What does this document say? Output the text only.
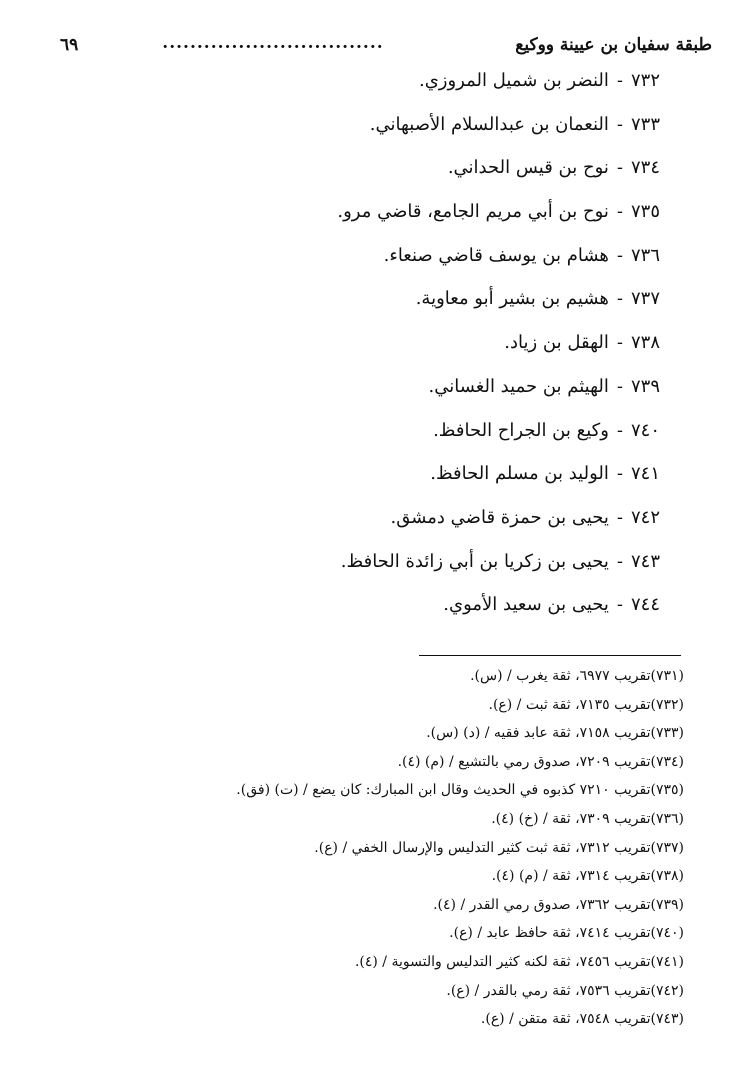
طبقة سفيان بن عيينة ووكيع
................................
٦٩
٧٣٢-النضر بن شميل المروزي.
٧٣٣-النعمان بن عبدالسلام الأصبهاني.
٧٣٤-نوح بن قيس الحداني.
٧٣٥-نوح بن أبي مريم الجامع، قاضي مرو.
٧٣٦-هشام بن يوسف قاضي صنعاء.
٧٣٧-هشيم بن بشير أبو معاوية.
٧٣٨-الهقل بن زياد.
٧٣٩-الهيثم بن حميد الغساني.
٧٤٠-وكيع بن الجراح الحافظ.
٧٤١-الوليد بن مسلم الحافظ.
٧٤٢-يحيى بن حمزة قاضي دمشق.
٧٤٣-يحيى بن زكريا بن أبي زائدة الحافظ.
٧٤٤-يحيى بن سعيد الأموي.
(٧٣١)تقريب ٦٩٧٧، ثقة يغرب / (س).
(٧٣٢)تقريب ٧١٣٥، ثقة ثبت / (ع).
(٧٣٣)تقريب ٧١٥٨، ثقة عابد فقيه / (د) (س).
(٧٣٤)تقريب ٧٢٠٩، صدوق رمي بالتشيع / (م) (٤).
(٧٣٥)تقريب ٧٢١٠ كذبوه في الحديث وقال ابن المبارك: كان يضع / (ت) (فق).
(٧٣٦)تقريب ٧٣٠٩، ثقة / (خ) (٤).
(٧٣٧)تقريب ٧٣١٢، ثقة ثبت كثير التدليس والإرسال الخفي / (ع).
(٧٣٨)تقريب ٧٣١٤، ثقة / (م) (٤).
(٧٣٩)تقريب ٧٣٦٢، صدوق رمي القدر / (٤).
(٧٤٠)تقريب ٧٤١٤، ثقة حافظ عابد / (ع).
(٧٤١)تقريب ٧٤٥٦، ثقة لكنه كثير التدليس والتسوية / (٤).
(٧٤٢)تقريب ٧٥٣٦، ثقة رمي بالقدر / (ع).
(٧٤٣)تقريب ٧٥٤٨، ثقة متقن / (ع).
